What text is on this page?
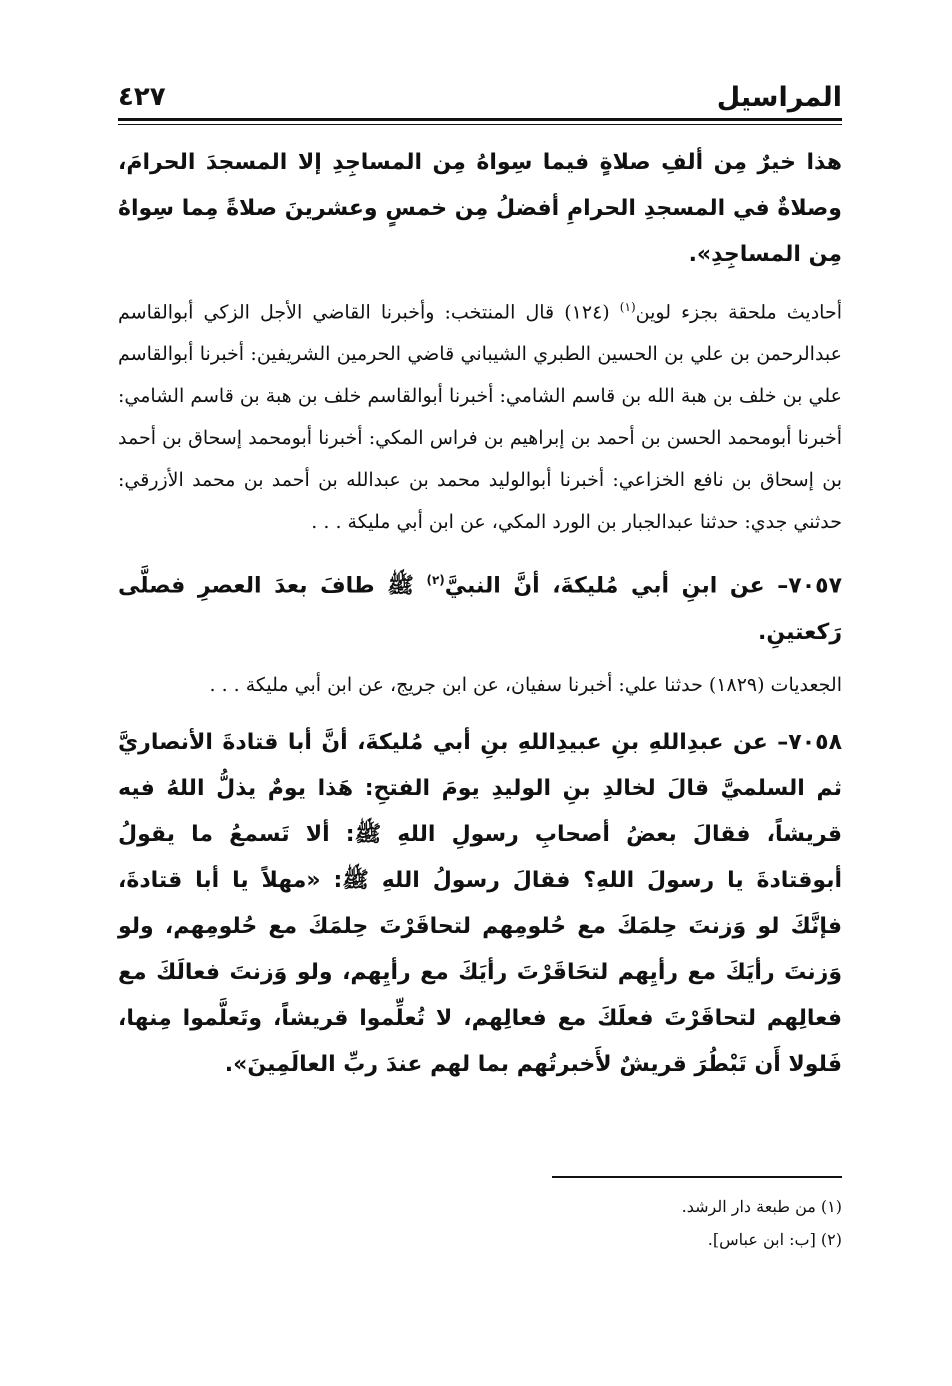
المراسيل
٤٢٧

هذا خيرٌ مِن ألفِ صلاةٍ فيما سِواهُ مِن المساجِدِ إلا المسجدَ الحرامَ، وصلاةٌ في المسجدِ الحرامِ أفضلُ مِن خمسٍ وعشرينَ صلاةً مِما سِواهُ مِن المساجِدِ».

أحاديث ملحقة بجزء لوين$^{(١)}$ (١٢٤) قال المنتخب: وأخبرنا القاضي الأجل الزكي أبوالقاسم عبدالرحمن بن علي بن الحسين الطبري الشيباني قاضي الحرمين الشريفين: أخبرنا أبوالقاسم علي بن خلف بن هبة الله بن قاسم الشامي: أخبرنا أبوالقاسم خلف بن هبة بن قاسم الشامي: أخبرنا أبومحمد الحسن بن أحمد بن إبراهيم بن فراس المكي: أخبرنا أبومحمد إسحاق بن أحمد بن إسحاق بن نافع الخزاعي: أخبرنا أبوالوليد محمد بن عبدالله بن أحمد بن محمد الأزرقي: حدثني جدي: حدثنا عبدالجبار بن الورد المكي، عن ابن أبي مليكة . . .

٧٠٥٧– عن ابنِ أبي مُليكةَ، أنَّ النبيَّ$^{(٢)}$ ﷺ طافَ بعدَ العصرِ فصلَّى رَكعتينِ.

الجعديات (١٨٢٩) حدثنا علي: أخبرنا سفيان، عن ابن جريج، عن ابن أبي مليكة . . .

٧٠٥٨– عن عبدِاللهِ بنِ عبيدِاللهِ بنِ أبي مُليكةَ، أنَّ أبا قتادةَ الأنصاريَّ ثم السلميَّ قالَ لخالدِ بنِ الوليدِ يومَ الفتحِ: هَذا يومٌ يذلُّ اللهُ فيه قريشاً، فقالَ بعضُ أصحابِ رسولِ اللهِ ﷺ: ألا تَسمعُ ما يقولُ أبوقتادةَ يا رسولَ اللهِ؟ فقالَ رسولُ اللهِ ﷺ: «مهلاً يا أبا قتادةَ، فإنَّكَ لو وَزنتَ حِلمَكَ مع حُلومِهم لتحاقَرْتَ حِلمَكَ مع حُلومِهم، ولو وَزنتَ رأيَكَ مع رأيِهم لتحَاقَرْتَ رأيَكَ مع رأيِهم، ولو وَزنتَ فعالَكَ مع فعالِهم لتحاقَرْتَ فعلَكَ مع فعالِهم، لا تُعلِّموا قريشاً، وتَعلَّموا مِنها، فَلولا أَن تَبْطُرَ قريشٌ لأَخبرتُهم بما لهم عندَ ربِّ العالَمِينَ».

(١) من طبعة دار الرشد.

(٢) [ب: ابن عباس].
